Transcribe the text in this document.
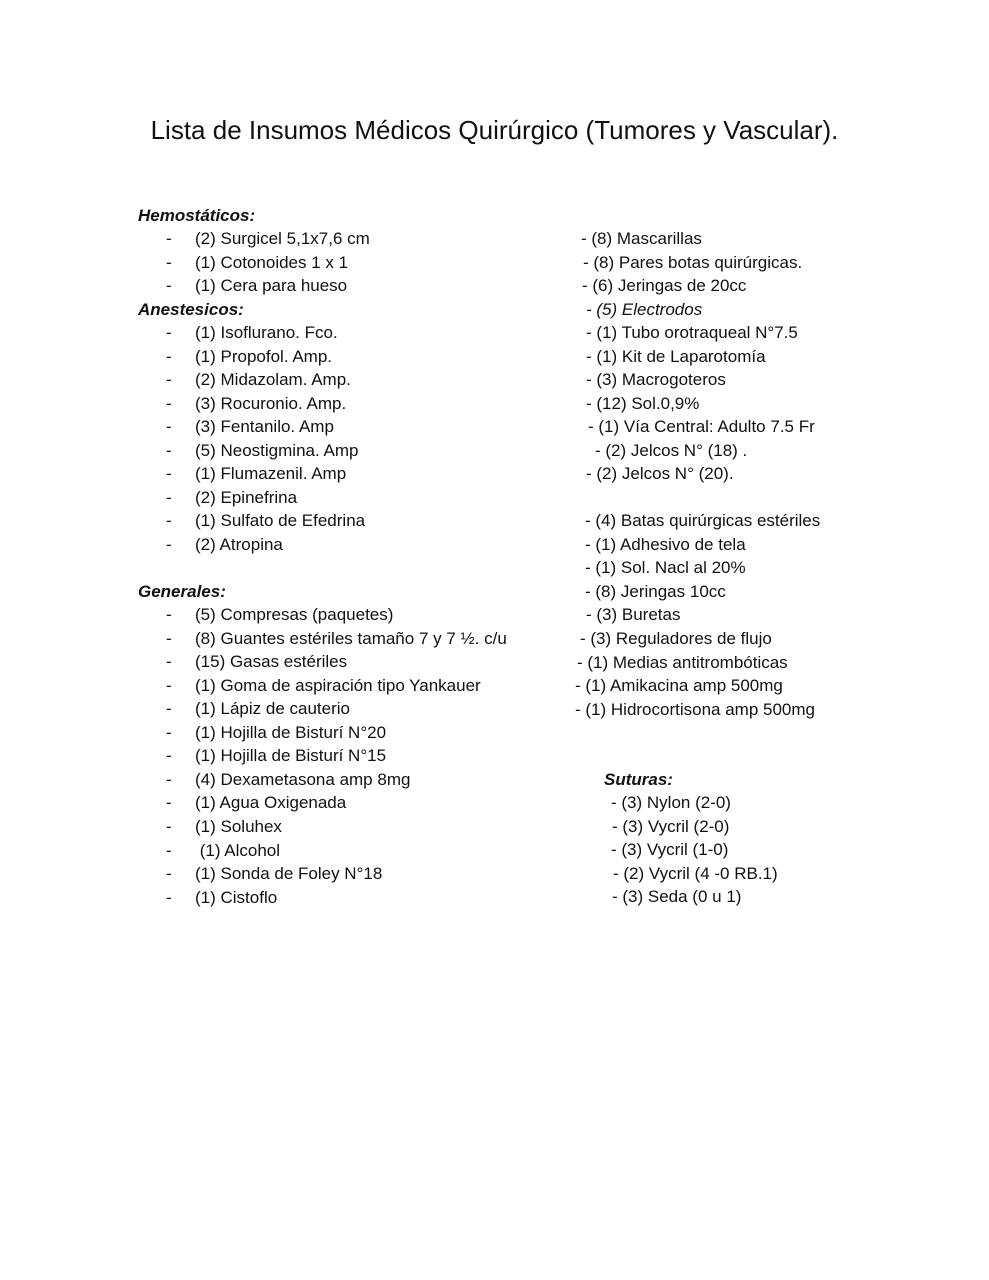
Lista de Insumos Médicos Quirúrgico (Tumores y Vascular).
Hemostáticos:
Anestesicos:
Generales:
Suturas:
- (2) Surgicel 5,1x7,6 cm
- (1) Cotonoides 1 x 1
- (1) Cera para hueso
- (1) Isoflurano. Fco.
- (1) Propofol. Amp.
- (2) Midazolam. Amp.
- (3) Rocuronio. Amp.
- (3) Fentanilo. Amp
- (5) Neostigmina. Amp
- (1) Flumazenil. Amp
- (2) Epinefrina
- (1) Sulfato de Efedrina
- (2) Atropina
- (5) Compresas (paquetes)
- (8) Guantes estériles tamaño 7 y 7 ½. c/u
- (15) Gasas estériles
- (1) Goma de aspiración tipo Yankauer
- (1) Lápiz de cauterio
- (1) Hojilla de Bisturí N°20
- (1) Hojilla de Bisturí N°15
- (4) Dexametasona amp 8mg
- (1) Agua Oxigenada
- (1) Soluhex
- (1) Alcohol
- (1) Sonda de Foley N°18
- (1) Cistoflo
- (8) Mascarillas
- (8) Pares botas quirúrgicas.
- (6) Jeringas de 20cc
- (5) Electrodos
- (1) Tubo orotraqueal N°7.5
- (1) Kit de Laparotomía
- (3) Macrogoteros
- (12) Sol.0,9%
- (1) Vía Central: Adulto 7.5 Fr
- (2) Jelcos N° (18) .
- (2) Jelcos N° (20).
- (4) Batas quirúrgicas estériles
- (1) Adhesivo de tela
- (1) Sol. Nacl al 20%
- (8) Jeringas 10cc
- (3) Buretas
- (3) Reguladores de flujo
- (1) Medias antitrombóticas
- (1) Amikacina amp 500mg
- (1) Hidrocortisona amp 500mg
- (3) Nylon (2-0)
- (3) Vycril (2-0)
- (3) Vycril (1-0)
- (2) Vycril (4 -0 RB.1)
- (3) Seda (0 u 1)
